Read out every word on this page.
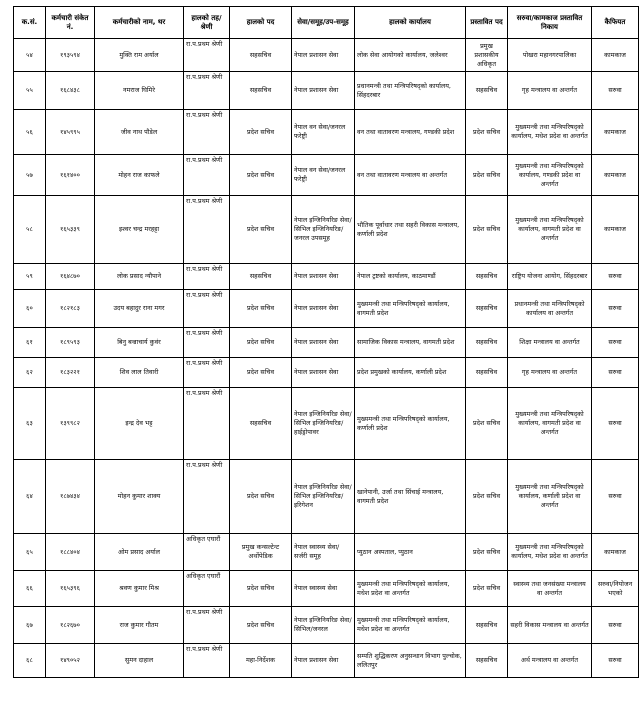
क.सं.	कर्मचारी संकेत नं.	कर्मचारीको नाम, थर	हालको तह/श्रेणी	हालको पद	सेवा/समूह/उप-समूह	हालको कार्यालय	प्रस्तावित पद	सरुवा/कामकाज प्रस्तावित निकाय	कैफियत
५४	१९३५९४	मुक्ति राम अर्याल	रा.प.प्रथम श्रेणी	सहसचिव	नेपाल प्रशासन सेवा	लोक सेवा आयोगको कार्यालय, जलेश्वर	प्रमुख प्रशासकीय अधिकृत	पोखरा महानगरपालिका	कामकाज
५५	१६८४३८	नमराज घिमिरे	रा.प.प्रथम श्रेणी	सहसचिव	नेपाल प्रशासन सेवा	प्रधानमन्त्री तथा मन्त्रिपरिषद्को कार्यालय, सिंहदरबार	सहसचिव	गृह मन्त्रालय वा अन्तर्गत	सरुवा
५६	१४५९९५	जीव नाथ पौडेल	रा.प.प्रथम श्रेणी	प्रदेश सचिव	नेपाल वन सेवा/जनरल फरेष्ट्री	वन तथा वातावरण मन्त्रालय, गण्डकी प्रदेश	प्रदेश सचिव	मुख्यमन्त्री तथा मन्त्रिपरिषद्को कार्यालय, मधेश प्रदेश वा अन्तर्गत	कामकाज
५७	१६१४००	मोहन राज काफले	रा.प.प्रथम श्रेणी	प्रदेश सचिव	नेपाल वन सेवा/जनरल फरेष्ट्री	वन तथा वातावरण मन्त्रालय वा अन्तर्गत	प्रदेश सचिव	मुख्यमन्त्री तथा मन्त्रिपरिषद्को कार्यालय, गण्डकी प्रदेश वा अन्तर्गत	कामकाज
५८	१६५३३९	इश्वर चन्द्र मरहट्टा	रा.प.प्रथम श्रेणी	प्रदेश सचिव	नेपाल इन्जिनियरिङ सेवा/सिभिल इन्जिनियरिङ/जनरल उपसमूह	भौतिक पूर्वाधार तथा सहरी विकास मन्त्रालय, कर्णाली प्रदेश	प्रदेश सचिव	मुख्यमन्त्री तथा मन्त्रिपरिषद्को कार्यालय, वागमती प्रदेश वा अन्तर्गत	कामकाज
५९	१६४८७०	लोक प्रसाद न्यौपाने	रा.प.प्रथम श्रेणी	सहसचिव	नेपाल प्रशासन सेवा	नेपाल ट्रष्टको कार्यालय, काठमाण्डौं	सहसचिव	राष्ट्रिय योजना आयोग, सिंहदरबार	सरुवा
६०	१८२१८३	उदय बहादुर राना मगर	रा.प.प्रथम श्रेणी	प्रदेश सचिव	नेपाल प्रशासन सेवा	मुख्यमन्त्री तथा मन्त्रिपरिषद्को कार्यालय, वागमती प्रदेश	सहसचिव	प्रधानमन्त्री तथा मन्त्रिपरिषद्को कार्यालय वा अन्तर्गत	सरुवा
६१	१८९५९३	बिनु बज्राचार्य कुवंर	रा.प.प्रथम श्रेणी	प्रदेश सचिव	नेपाल प्रशासन सेवा	सामाजिक विकास मन्त्रालय, वागमती प्रदेश	सहसचिव	शिक्षा मन्त्रालय वा अन्तर्गत	सरुवा
६२	१८३२२१	शिव लाल तिवारी	रा.प.प्रथम श्रेणी	प्रदेश सचिव	नेपाल प्रशासन सेवा	प्रदेश प्रमुखको कार्यालय, कर्णाली प्रदेश	सहसचिव	गृह मन्त्रालय वा अन्तर्गत	सरुवा
६३	१३९९८२	इन्द्र देव भट्ट	रा.प.प्रथम श्रेणी	सहसचिव	नेपाल इन्जिनियरिङ सेवा/सिभिल इन्जिनियरिङ/हाईड्रोपावर	मुख्यमन्त्री तथा मन्त्रिपरिषद्को कार्यालय, कर्णाली प्रदेश	प्रदेश सचिव	मुख्यमन्त्री तथा मन्त्रिपरिषद्को कार्यालय, वागमती प्रदेश वा अन्तर्गत	सरुवा
६४	१८७४३४	मोहन कुमार शाक्य	रा.प.प्रथम श्रेणी	प्रदेश सचिव	नेपाल इन्जिनियरिङ सेवा/सिभिल इन्जिनियरिङ/इरिगेशन	खानेपानी, उर्जा तथा सिंचाई मन्त्रालय, वागमती प्रदेश	प्रदेश सचिव	मुख्यमन्त्री तथा मन्त्रिपरिषद्को कार्यालय, कर्णाली प्रदेश वा अन्तर्गत	सरुवा
६५	१८८४०४	ओम प्रसाद अर्याल	अधिकृत एघारौं	प्रमुख कन्सल्टेन्ट अर्थोपेडिक	नेपाल स्वास्थ्य सेवा/सर्जरी समूह	प्युठान अस्पताल, प्युठान	प्रदेश सचिव	मुख्यमन्त्री तथा मन्त्रिपरिषद्को कार्यालय, मधेश प्रदेश वा अन्तर्गत	कामकाज
६६	१६५३९६	श्रवण कुमार मिश्र	अधिकृत एघारौं	प्रदेश सचिव	नेपाल स्वास्थ्य सेवा	मुख्यमन्त्री तथा मन्त्रिपरिषद्को कार्यालय, मधेश प्रदेश वा अन्तर्गत	प्रदेश सचिव	स्वास्थ्य तथा जनसंख्या मन्त्रालय वा अन्तर्गत	सरुवा/नियोजन भएको
६७	१८२६७०	राज कुमार गौतम	रा.प.प्रथम श्रेणी	प्रदेश सचिव	नेपाल इन्जिनियरिङ सेवा/सिभिल/जनरल	मुख्यमन्त्री तथा मन्त्रिपरिषद्को कार्यालय, मधेश प्रदेश वा अन्तर्गत	सहसचिव	सहरी विकास मन्त्रालय वा अन्तर्गत	सरुवा
६८	१४९०५२	सुमन दाहाल	रा.प.प्रथम श्रेणी	महा-निर्देशक	नेपाल प्रशासन सेवा	सम्पति शुद्धिकरण अनुसन्धान विभाग पुल्चोक, ललितपुर	सहसचिव	अर्थ मन्त्रालय वा अन्तर्गत	सरुवा
